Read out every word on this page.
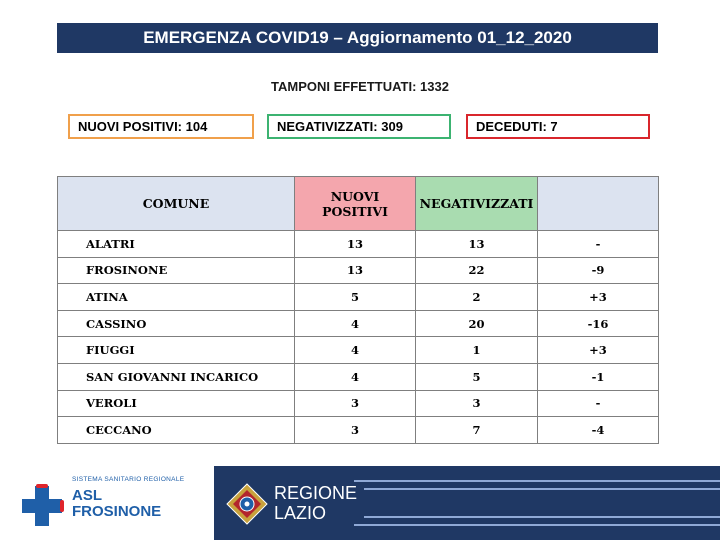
EMERGENZA COVID19 – Aggiornamento 01_12_2020
TAMPONI EFFETTUATI: 1332
NUOVI POSITIVI: 104	NEGATIVIZZATI: 309	DECEDUTI: 7
COMUNE	NUOVI POSITIVI	NEGATIVIZZATI	
ALATRI	13	13	-
FROSINONE	13	22	-9
ATINA	5	2	+3
CASSINO	4	20	-16
FIUGGI	4	1	+3
SAN GIOVANNI INCARICO	4	5	-1
VEROLI	3	3	-
CECCANO	3	7	-4
SISTEMA SANITARIO REGIONALE
ASL
FROSINONE
REGIONE
LAZIO
